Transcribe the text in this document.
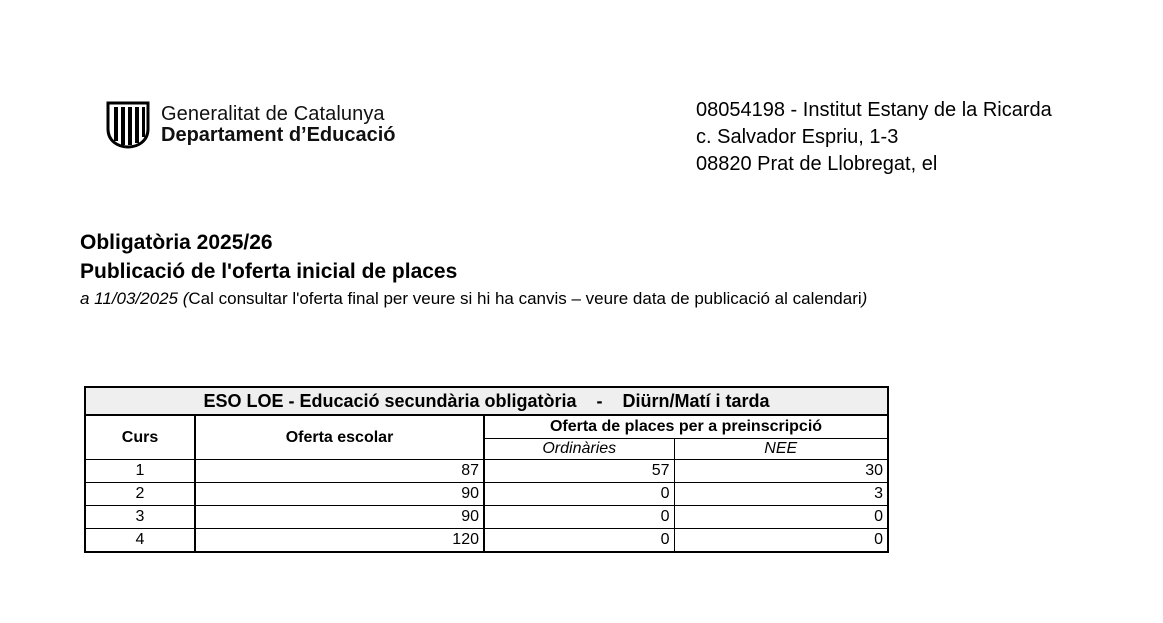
Generalitat de Catalunya
Departament d’Educació
08054198 - Institut Estany de la Ricarda
c. Salvador Espriu, 1-3
08820 Prat de Llobregat, el
Obligatòria 2025/26
Publicació de l'oferta inicial de places
a 11/03/2025 (Cal consultar l'oferta final per veure si hi ha canvis – veure data de publicació al calendari)
ESO LOE - Educació secundària obligatòria    -    Diürn/Matí i tarda			
Curs	Oferta escolar	Oferta de places per a preinscripció	
		Ordinàries	NEE
1	87	57	30
2	90	0	3
3	90	0	0
4	120	0	0
